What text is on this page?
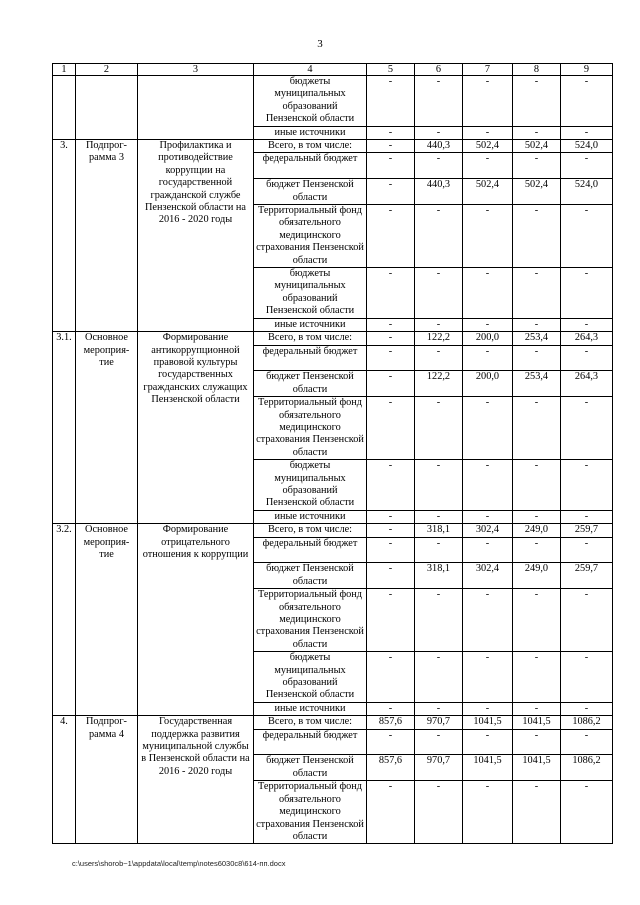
3
1	2	3	4	5	6	7	8	9
			бюджеты муниципальных образований Пензенской области	-	-	-	-	-
			иные источники	-	-	-	-	-
3.	Подпрог-рамма 3	Профилактика и противодействие коррупции на государственной гражданской службе Пензенской области на 2016 - 2020 годы	Всего, в том числе:	-	440,3	502,4	502,4	524,0
			федеральный бюджет	-	-	-	-	-
			бюджет Пензенской области	-	440,3	502,4	502,4	524,0
			Территориальный фонд обязательного медицинского страхования Пензенской области	-	-	-	-	-
			бюджеты муниципальных образований Пензенской области	-	-	-	-	-
			иные источники	-	-	-	-	-
3.1.	Основное мероприя-тие	Формирование антикоррупционной правовой культуры государственных гражданских служащих Пензенской области	Всего, в том числе:	-	122,2	200,0	253,4	264,3
			федеральный бюджет	-	-	-	-	-
			бюджет Пензенской области	-	122,2	200,0	253,4	264,3
			Территориальный фонд обязательного медицинского страхования Пензенской области	-	-	-	-	-
			бюджеты муниципальных образований Пензенской области	-	-	-	-	-
			иные источники	-	-	-	-	-
3.2.	Основное мероприя-тие	Формирование отрицательного отношения к коррупции	Всего, в том числе:	-	318,1	302,4	249,0	259,7
			федеральный бюджет	-	-	-	-	-
			бюджет Пензенской области	-	318,1	302,4	249,0	259,7
			Территориальный фонд обязательного медицинского страхования Пензенской области	-	-	-	-	-
			бюджеты муниципальных образований Пензенской области	-	-	-	-	-
			иные источники	-	-	-	-	-
4.	Подпрог-рамма 4	Государственная поддержка развития муниципальной службы в Пензенской области на 2016 - 2020 годы	Всего, в том числе:	857,6	970,7	1041,5	1041,5	1086,2
			федеральный бюджет	-	-	-	-	-
			бюджет Пензенской области	857,6	970,7	1041,5	1041,5	1086,2
			Территориальный фонд обязательного медицинского страхования Пензенской области	-	-	-	-	-
c:\users\shorob~1\appdata\local\temp\notes6030c8\614-пп.docx
